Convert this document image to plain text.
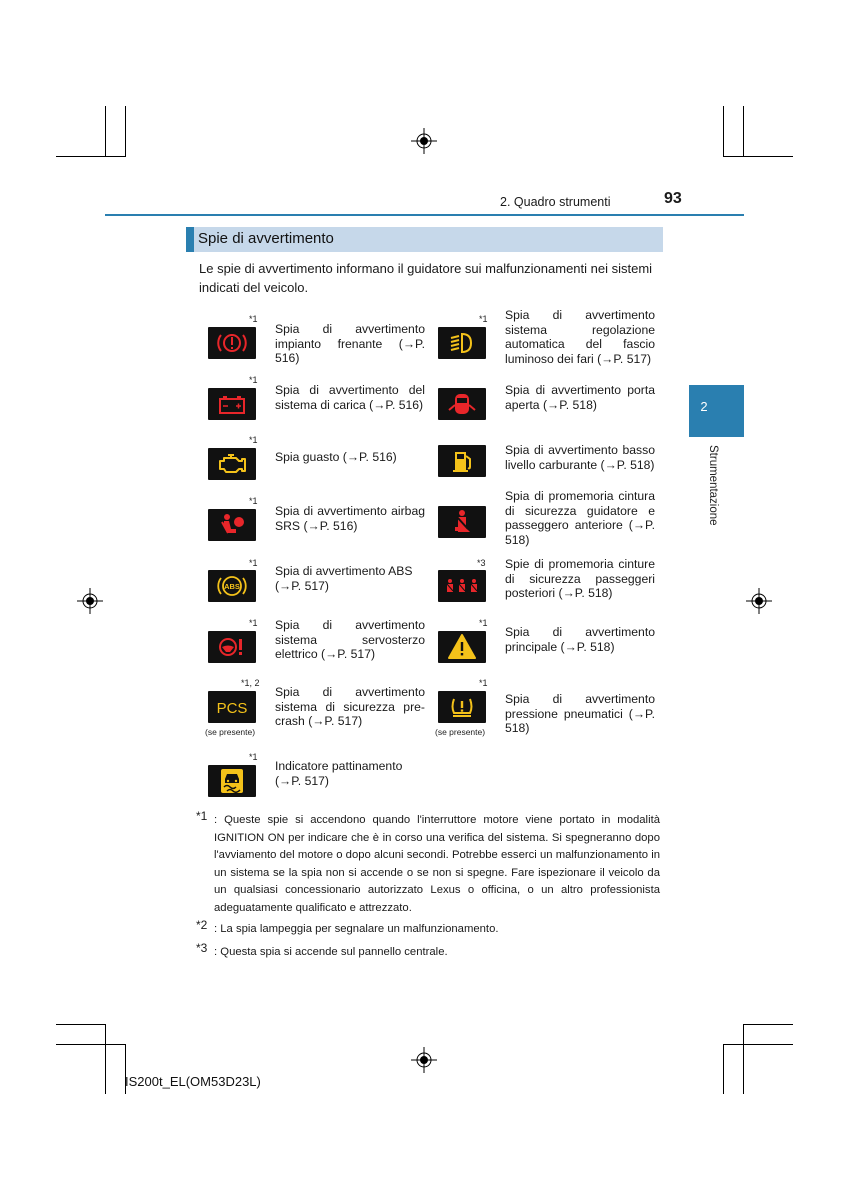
2. Quadro strumenti	93
Spie di avvertimento
Le spie di avvertimento informano il guidatore sui malfunzionamenti nei sistemi indicati del veicolo.
2
Strumentazione
*1
Spia di avvertimento impianto frenante (→P. 516)
*1 Spia di avvertimento sistema regolazione automatica del fascio luminoso dei fari (→P. 517)
*1
Spia di avvertimento del sistema di carica (→P. 516)
Spia di avvertimento porta aperta (→P. 518)
*1
Spia guasto (→P. 516)	Spia di avvertimento basso livello carburante (→P. 518)
*1
Spia di avvertimento airbag SRS (→P. 516)
Spia di promemoria cintura di sicurezza guidatore e passeggero anteriore (→P. 518)
*1
ABS
Spia di avvertimento ABS (→P. 517)
*3 Spie di promemoria cinture di sicurezza passeggeri posteriori (→P. 518)
*1 Spia di avvertimento sistema servosterzo elettrico (→P. 517)
*1
Spia di avvertimento principale (→P. 518)
*1, 2
PCS
(se presente)
Spia di avvertimento sistema di sicurezza pre-crash (→P. 517)
*1
(se presente)
Spia di avvertimento pressione pneumatici (→P. 518)
*1
Indicatore pattinamento (→P. 517)
*1 : Queste spie si accendono quando l'interruttore motore viene portato in modalità IGNITION ON per indicare che è in corso una verifica del sistema. Si spegneranno dopo l'avviamento del motore o dopo alcuni secondi. Potrebbe esserci un malfunzionamento in un sistema se la spia non si accende o se non si spegne. Fare ispezionare il veicolo da un qualsiasi concessionario autorizzato Lexus o officina, o un altro professionista adeguatamente qualificato e attrezzato.
*2 : La spia lampeggia per segnalare un malfunzionamento.
*3 : Questa spia si accende sul pannello centrale.
IS200t_EL(OM53D23L)
